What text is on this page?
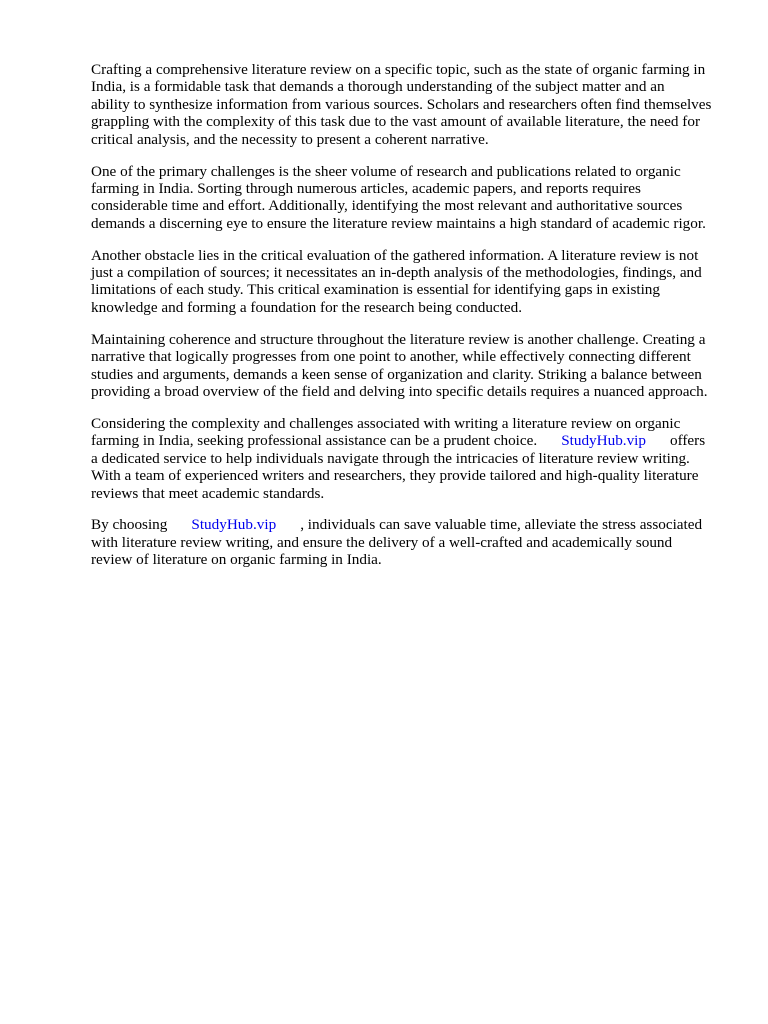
Crafting a comprehensive literature review on a specific topic, such as the state of organic farming in
India, is a formidable task that demands a thorough understanding of the subject matter and an
ability to synthesize information from various sources. Scholars and researchers often find themselves
grappling with the complexity of this task due to the vast amount of available literature, the need for
critical analysis, and the necessity to present a coherent narrative.

One of the primary challenges is the sheer volume of research and publications related to organic
farming in India. Sorting through numerous articles, academic papers, and reports requires
considerable time and effort. Additionally, identifying the most relevant and authoritative sources
demands a discerning eye to ensure the literature review maintains a high standard of academic rigor.

Another obstacle lies in the critical evaluation of the gathered information. A literature review is not
just a compilation of sources; it necessitates an in-depth analysis of the methodologies, findings, and
limitations of each study. This critical examination is essential for identifying gaps in existing
knowledge and forming a foundation for the research being conducted.

Maintaining coherence and structure throughout the literature review is another challenge. Creating a
narrative that logically progresses from one point to another, while effectively connecting different
studies and arguments, demands a keen sense of organization and clarity. Striking a balance between
providing a broad overview of the field and delving into specific details requires a nuanced approach.

Considering the complexity and challenges associated with writing a literature review on organic
farming in India, seeking professional assistance can be a prudent choice. StudyHub.vip offers
a dedicated service to help individuals navigate through the intricacies of literature review writing.
With a team of experienced writers and researchers, they provide tailored and high-quality literature
reviews that meet academic standards.

By choosing StudyHub.vip , individuals can save valuable time, alleviate the stress associated
with literature review writing, and ensure the delivery of a well-crafted and academically sound
review of literature on organic farming in India.
